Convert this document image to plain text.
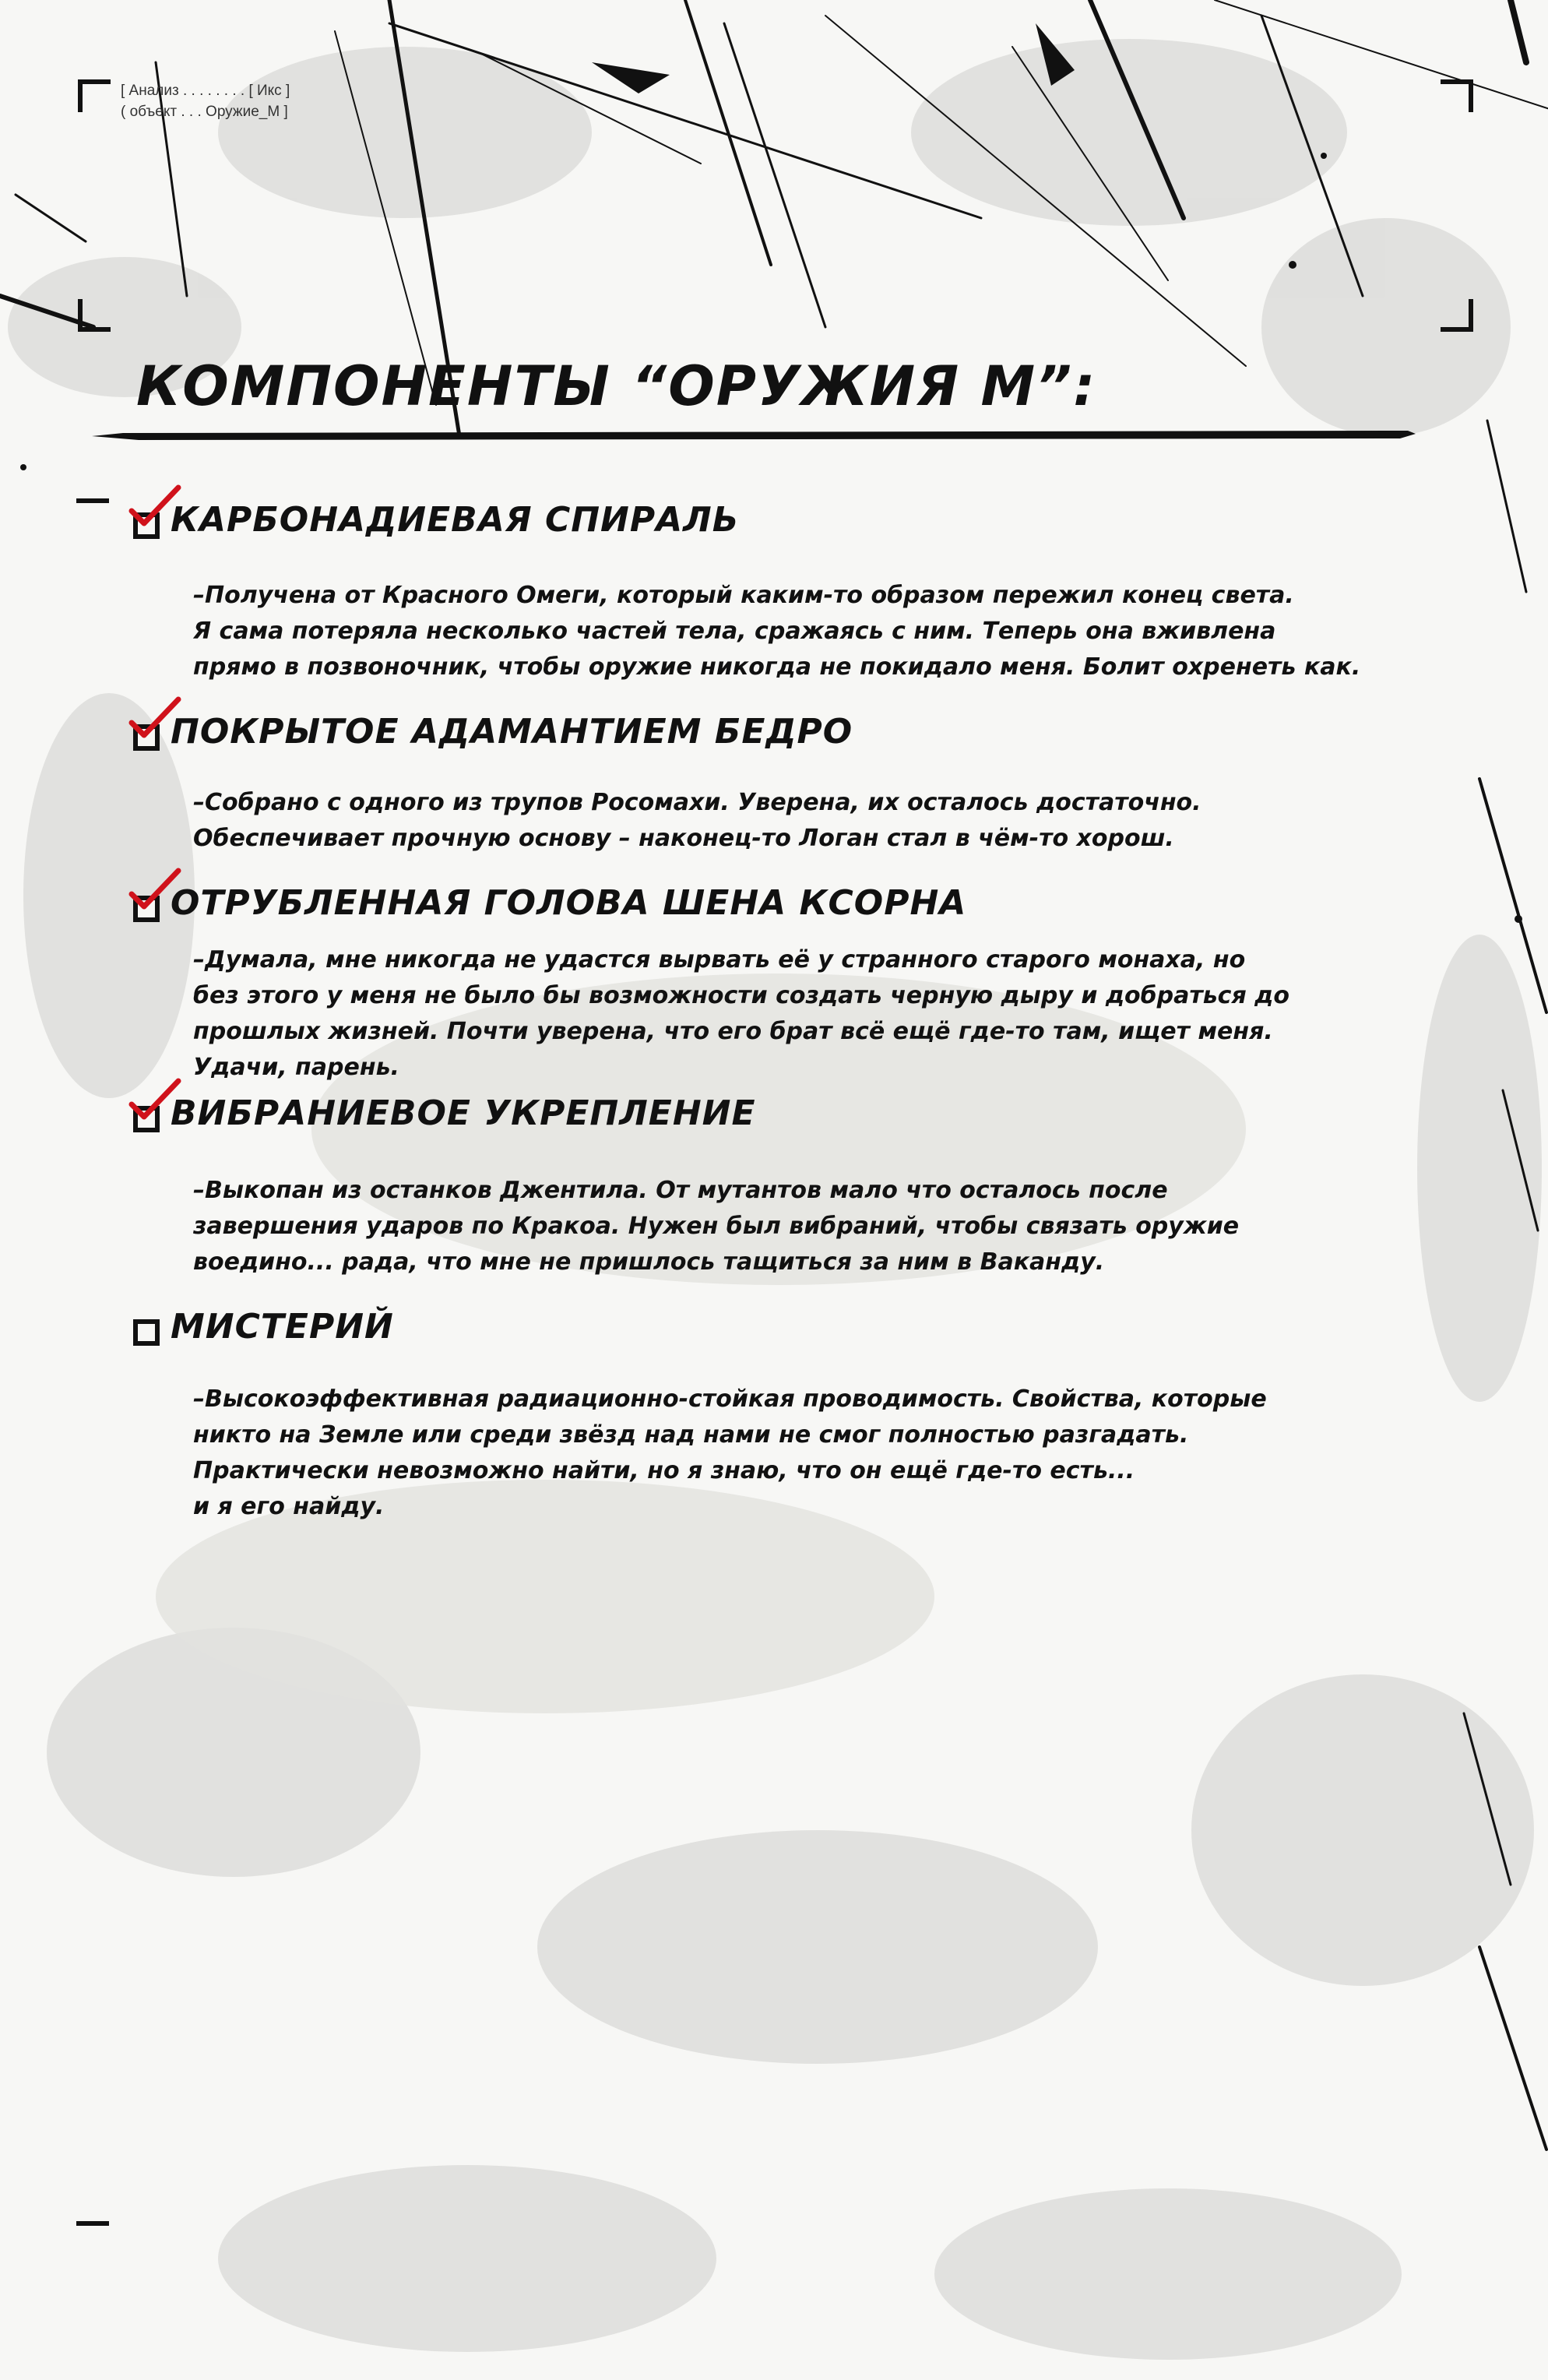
[ Анализ . . . . . . . . [ Икс ]
( объект . . . Оружие_М ]
КОМПОНЕНТЫ “ОРУЖИЯ М”:
КАРБОНАДИЕВАЯ СПИРАЛЬ
–Получена от Красного Омеги, который каким-то образом пережил конец света.
Я сама потеряла несколько частей тела, сражаясь с ним. Теперь она вживлена
прямо в позвоночник, чтобы оружие никогда не покидало меня. Болит охренеть как.
ПОКРЫТОЕ АДАМАНТИЕМ БЕДРО
–Собрано с одного из трупов Росомахи. Уверена, их осталось достаточно.
Обеспечивает прочную основу – наконец-то Логан стал в чём-то хорош.
ОТРУБЛЕННАЯ ГОЛОВА ШЕНА КСОРНА
–Думала, мне никогда не удастся вырвать её у странного старого монаха, но
без этого у меня не было бы возможности создать черную дыру и добраться до
прошлых жизней. Почти уверена, что его брат всё ещё где-то там, ищет меня.
Удачи, парень.
ВИБРАНИЕВОЕ УКРЕПЛЕНИЕ
–Выкопан из останков Джентила. От мутантов мало что осталось после
завершения ударов по Кракоа. Нужен был вибраний, чтобы связать оружие
воедино... рада, что мне не пришлось тащиться за ним в Ваканду.
МИСТЕРИЙ
–Высокоэффективная радиационно-стойкая проводимость. Свойства, которые
никто на Земле или среди звёзд над нами не смог полностью разгадать.
Практически невозможно найти, но я знаю, что он ещё где-то есть...
и я его найду.
